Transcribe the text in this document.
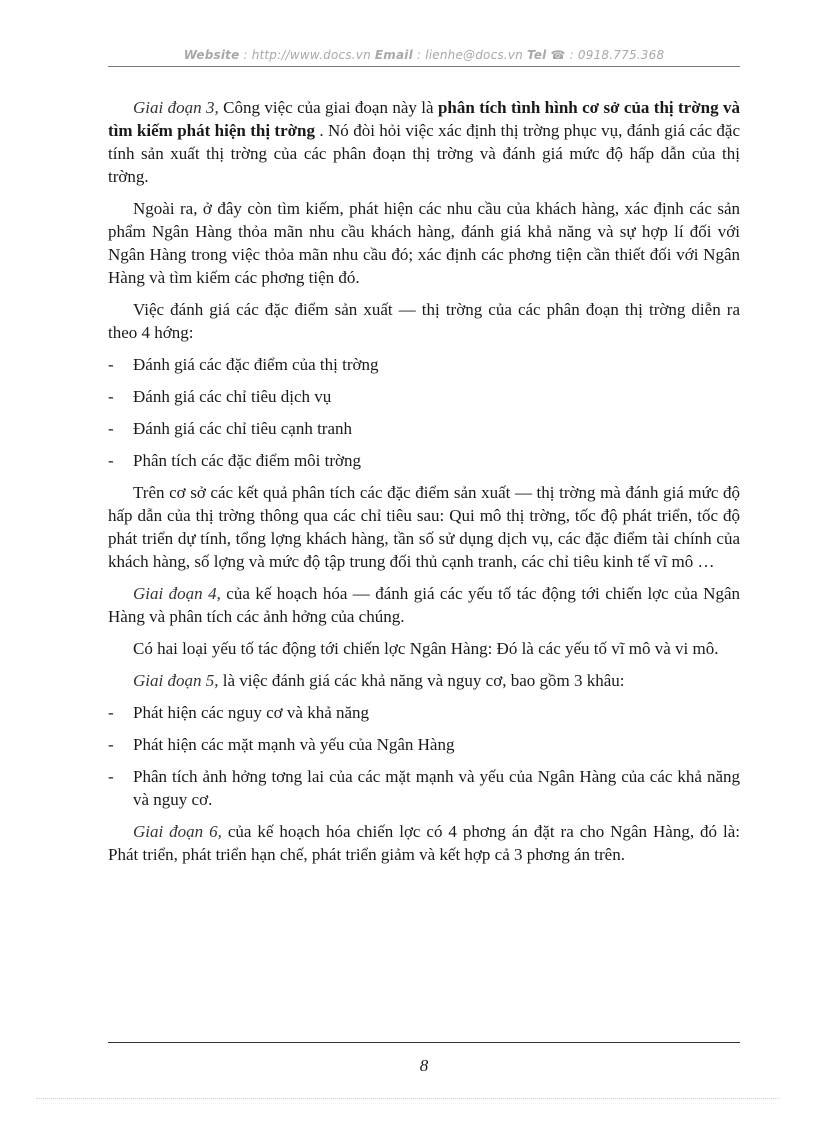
Website : http://www.docs.vn Email : lienhe@docs.vn Tel ☎ : 0918.775.368

Giai đoạn 3, Công việc của giai đoạn này là phân tích tình hình cơ sở của thị trờng và tìm kiếm phát hiện thị trờng . Nó đòi hỏi việc xác định thị trờng phục vụ, đánh giá các đặc tính sản xuất thị trờng của các phân đoạn thị trờng và đánh giá mức độ hấp dẫn của thị trờng.

Ngoài ra, ở đây còn tìm kiếm, phát hiện các nhu cầu của khách hàng, xác định các sản phẩm Ngân Hàng thỏa mãn nhu cầu khách hàng, đánh giá khả năng và sự hợp lí đối với Ngân Hàng trong việc thỏa mãn nhu cầu đó; xác định các phơng tiện cần thiết đối với Ngân Hàng và tìm kiếm các phơng tiện đó.

Việc đánh giá các đặc điểm sản xuất — thị trờng của các phân đoạn thị trờng diễn ra theo 4 hớng:

- Đánh giá các đặc điểm của thị trờng

- Đánh giá các chỉ tiêu dịch vụ

- Đánh giá các chỉ tiêu cạnh tranh

- Phân tích các đặc điểm môi trờng

Trên cơ sở các kết quả phân tích các đặc điểm sản xuất — thị trờng mà đánh giá mức độ hấp dẫn của thị trờng thông qua các chỉ tiêu sau: Qui mô thị trờng, tốc độ phát triển, tốc độ phát triển dự tính, tổng lợng khách hàng, tần số sử dụng dịch vụ, các đặc điểm tài chính của khách hàng, số lợng và mức độ tập trung đối thủ cạnh tranh, các chỉ tiêu kinh tế vĩ mô …

Giai đoạn 4, của kế hoạch hóa — đánh giá các yếu tố tác động tới chiến lợc của Ngân Hàng và phân tích các ảnh hởng của chúng.

Có hai loại yếu tố tác động tới chiến lợc Ngân Hàng: Đó là các yếu tố vĩ mô và vi mô.

Giai đoạn 5, là việc đánh giá các khả năng và nguy cơ, bao gồm 3 khâu:

- Phát hiện các nguy cơ và khả năng

- Phát hiện các mặt mạnh và yếu của Ngân Hàng

- Phân tích ảnh hởng tơng lai của các mặt mạnh và yếu của Ngân Hàng của các khả năng và nguy cơ.

Giai đoạn 6, của kế hoạch hóa chiến lợc có 4 phơng án đặt ra cho Ngân Hàng, đó là: Phát triển, phát triển hạn chế, phát triển giảm và kết hợp cả 3 phơng án trên.

8
